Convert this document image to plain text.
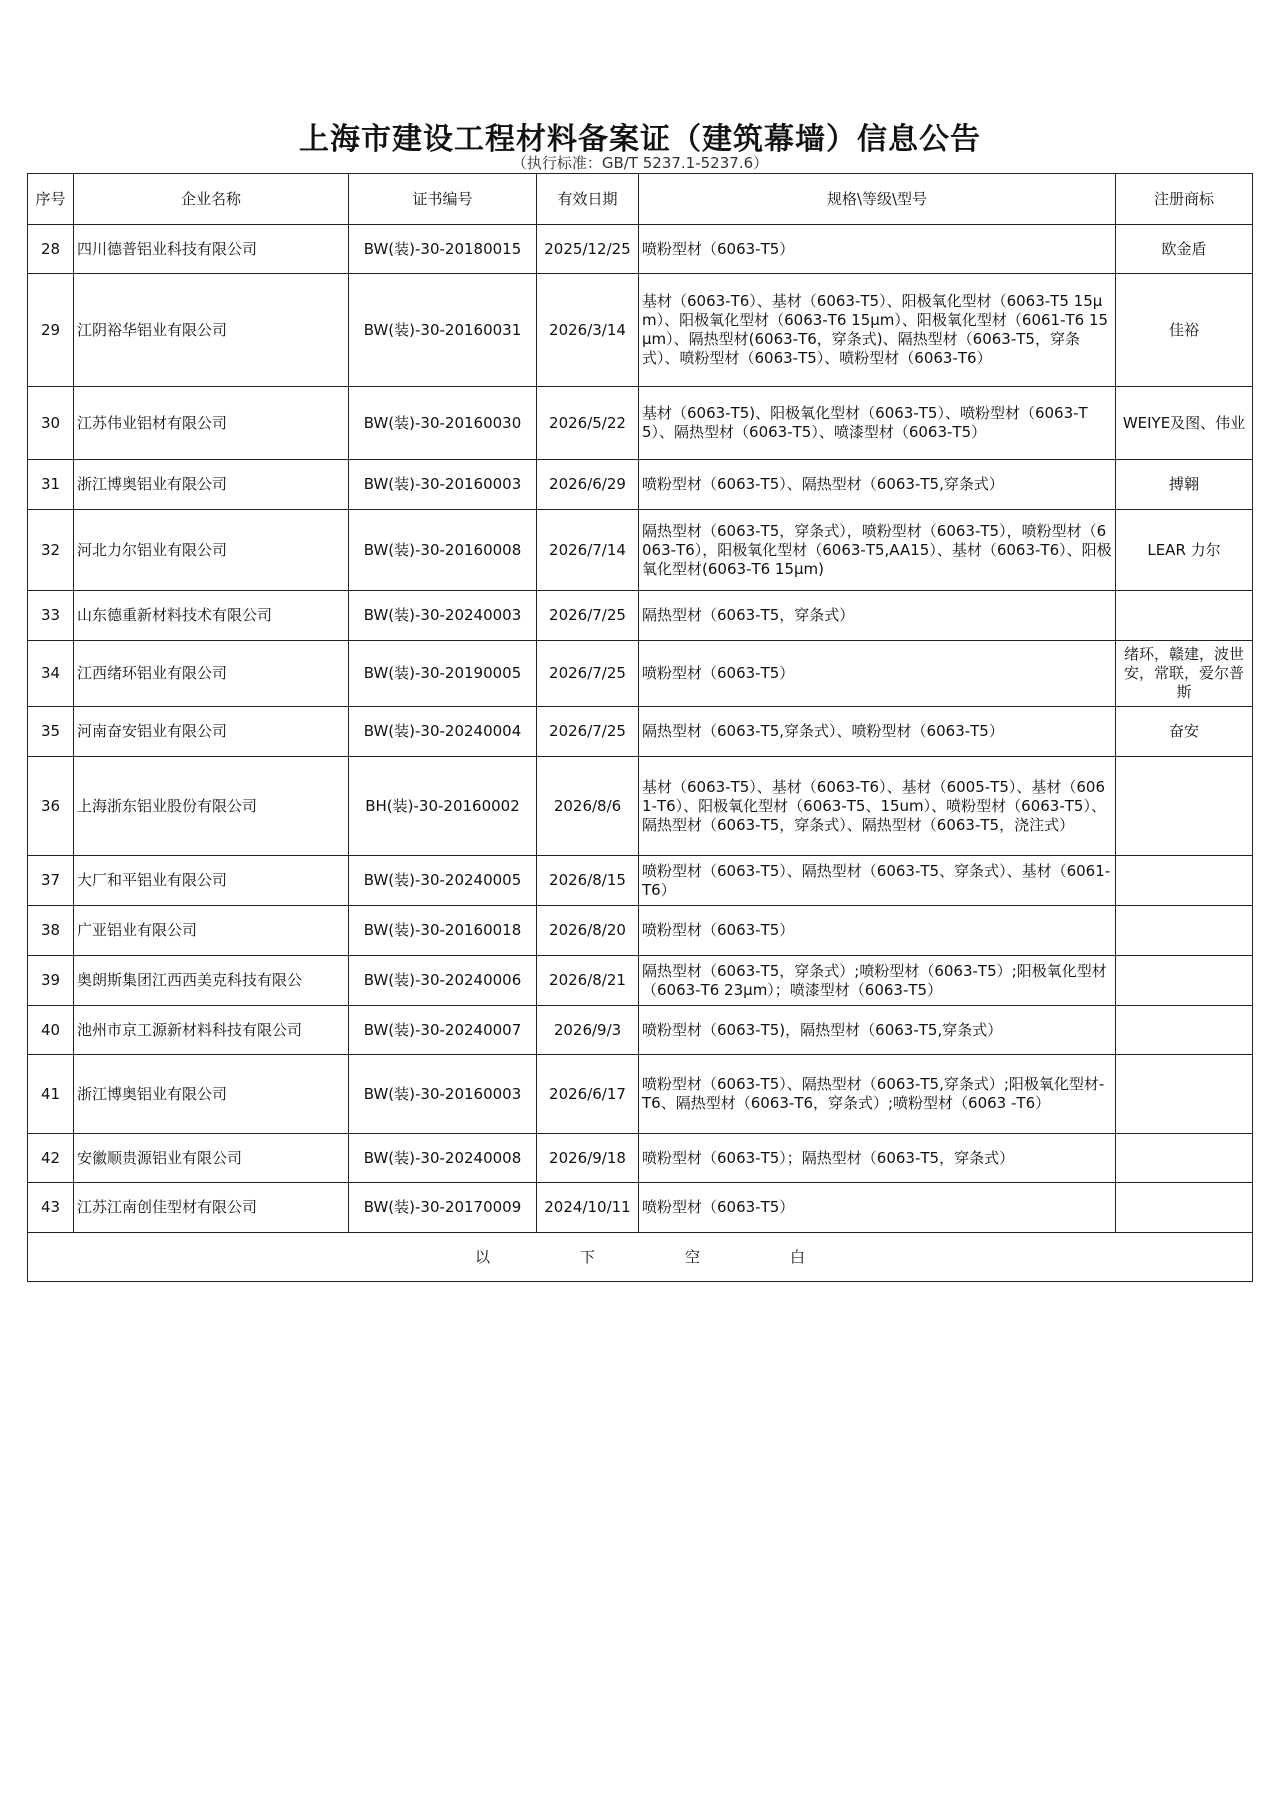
上海市建设工程材料备案证（建筑幕墙）信息公告
（执行标准：GB/T 5237.1-5237.6）
序号	企业名称	证书编号	有效日期	规格\等级\型号	注册商标
28	四川德普铝业科技有限公司	BW(装)-30-20180015	2025/12/25	喷粉型材（6063-T5）	欧金盾
29	江阴裕华铝业有限公司	BW(装)-30-20160031	2026/3/14	基材（6063-T6）、基材（6063-T5）、阳极氧化型材（6063-T5 15μm）、阳极氧化型材（6063-T6 15μm）、阳极氧化型材（6061-T6 15μm）、隔热型材(6063-T6，穿条式)、隔热型材（6063-T5，穿条式）、喷粉型材（6063-T5）、喷粉型材（6063-T6）	佳裕
30	江苏伟业铝材有限公司	BW(装)-30-20160030	2026/5/22	基材（6063-T5)、阳极氧化型材（6063-T5）、喷粉型材（6063-T5）、隔热型材（6063-T5）、喷漆型材（6063-T5）	WEIYE及图、伟业
31	浙江博奥铝业有限公司	BW(装)-30-20160003	2026/6/29	喷粉型材（6063-T5）、隔热型材（6063-T5,穿条式）	搏翱
32	河北力尔铝业有限公司	BW(装)-30-20160008	2026/7/14	隔热型材（6063-T5，穿条式），喷粉型材（6063-T5），喷粉型材（6063-T6），阳极氧化型材（6063-T5,AA15）、基材（6063-T6）、阳极氧化型材(6063-T6 15μm)	LEAR 力尔
33	山东德重新材料技术有限公司	BW(装)-30-20240003	2026/7/25	隔热型材（6063-T5，穿条式）	
34	江西绪环铝业有限公司	BW(装)-30-20190005	2026/7/25	喷粉型材（6063-T5）	绪环，赣建，波世安，常联，爱尔普斯
35	河南奋安铝业有限公司	BW(装)-30-20240004	2026/7/25	隔热型材（6063-T5,穿条式）、喷粉型材（6063-T5）	奋安
36	上海浙东铝业股份有限公司	BH(装)-30-20160002	2026/8/6	基材（6063-T5）、基材（6063-T6）、基材（6005-T5）、基材（6061-T6）、阳极氧化型材（6063-T5、15um）、喷粉型材（6063-T5）、隔热型材（6063-T5，穿条式）、隔热型材（6063-T5，浇注式）	
37	大厂和平铝业有限公司	BW(装)-30-20240005	2026/8/15	喷粉型材（6063-T5）、隔热型材（6063-T5、穿条式）、基材（6061-T6）	
38	广亚铝业有限公司	BW(装)-30-20160018	2026/8/20	喷粉型材（6063-T5）	
39	奥朗斯集团江西西美克科技有限公	BW(装)-30-20240006	2026/8/21	隔热型材（6063-T5，穿条式）;喷粉型材（6063-T5）;阳极氧化型材（6063-T6 23μm）；喷漆型材（6063-T5）	
40	池州市京工源新材料科技有限公司	BW(装)-30-20240007	2026/9/3	喷粉型材（6063-T5)，隔热型材（6063-T5,穿条式）	
41	浙江博奥铝业有限公司	BW(装)-30-20160003	2026/6/17	喷粉型材（6063-T5）、隔热型材（6063-T5,穿条式）;阳极氧化型材-T6、隔热型材（6063-T6，穿条式）;喷粉型材（6063 -T6）	
42	安徽顺贵源铝业有限公司	BW(装)-30-20240008	2026/9/18	喷粉型材（6063-T5）；隔热型材（6063-T5，穿条式）	
43	江苏江南创佳型材有限公司	BW(装)-30-20170009	2024/10/11	喷粉型材（6063-T5）	

以 下 空 白					
